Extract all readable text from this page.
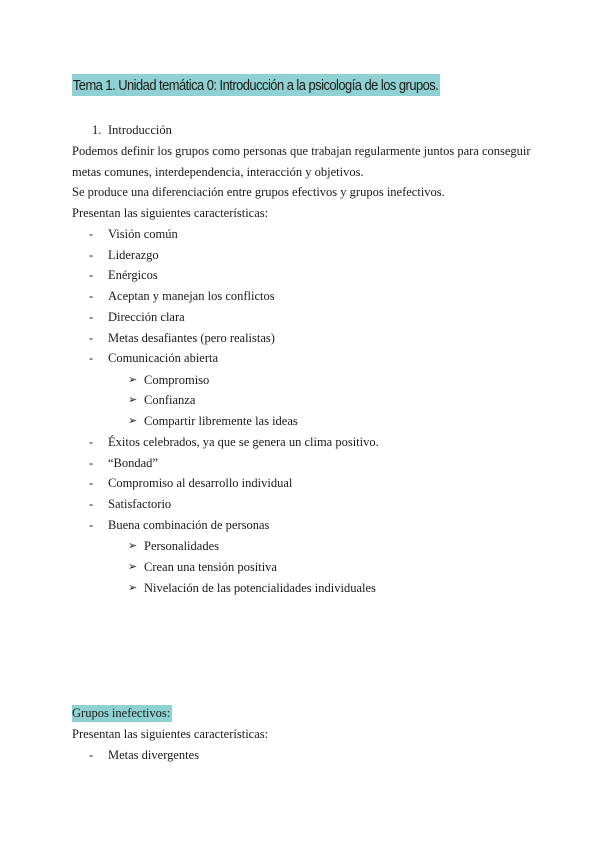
Tema 1. Unidad temática 0: Introducción a la psicología de los grupos.
1. Introducción
Podemos definir los grupos como personas que trabajan regularmente juntos para conseguir
metas comunes, interdependencia, interacción y objetivos.
Se produce una diferenciación entre grupos efectivos y grupos inefectivos.
Presentan las siguientes características:
- Visión común
- Liderazgo
- Enérgicos
- Aceptan y manejan los conflictos
- Dirección clara
- Metas desafiantes (pero realistas)
- Comunicación abierta
➢ Compromiso
➢ Confianza
➢ Compartir libremente las ideas
- Éxitos celebrados, ya que se genera un clima positivo.
- “Bondad”
- Compromiso al desarrollo individual
- Satisfactorio
- Buena combinación de personas
➢ Personalidades
➢ Crean una tensión positiva
➢ Nivelación de las potencialidades individuales
Grupos inefectivos:
Presentan las siguientes características:
- Metas divergentes
